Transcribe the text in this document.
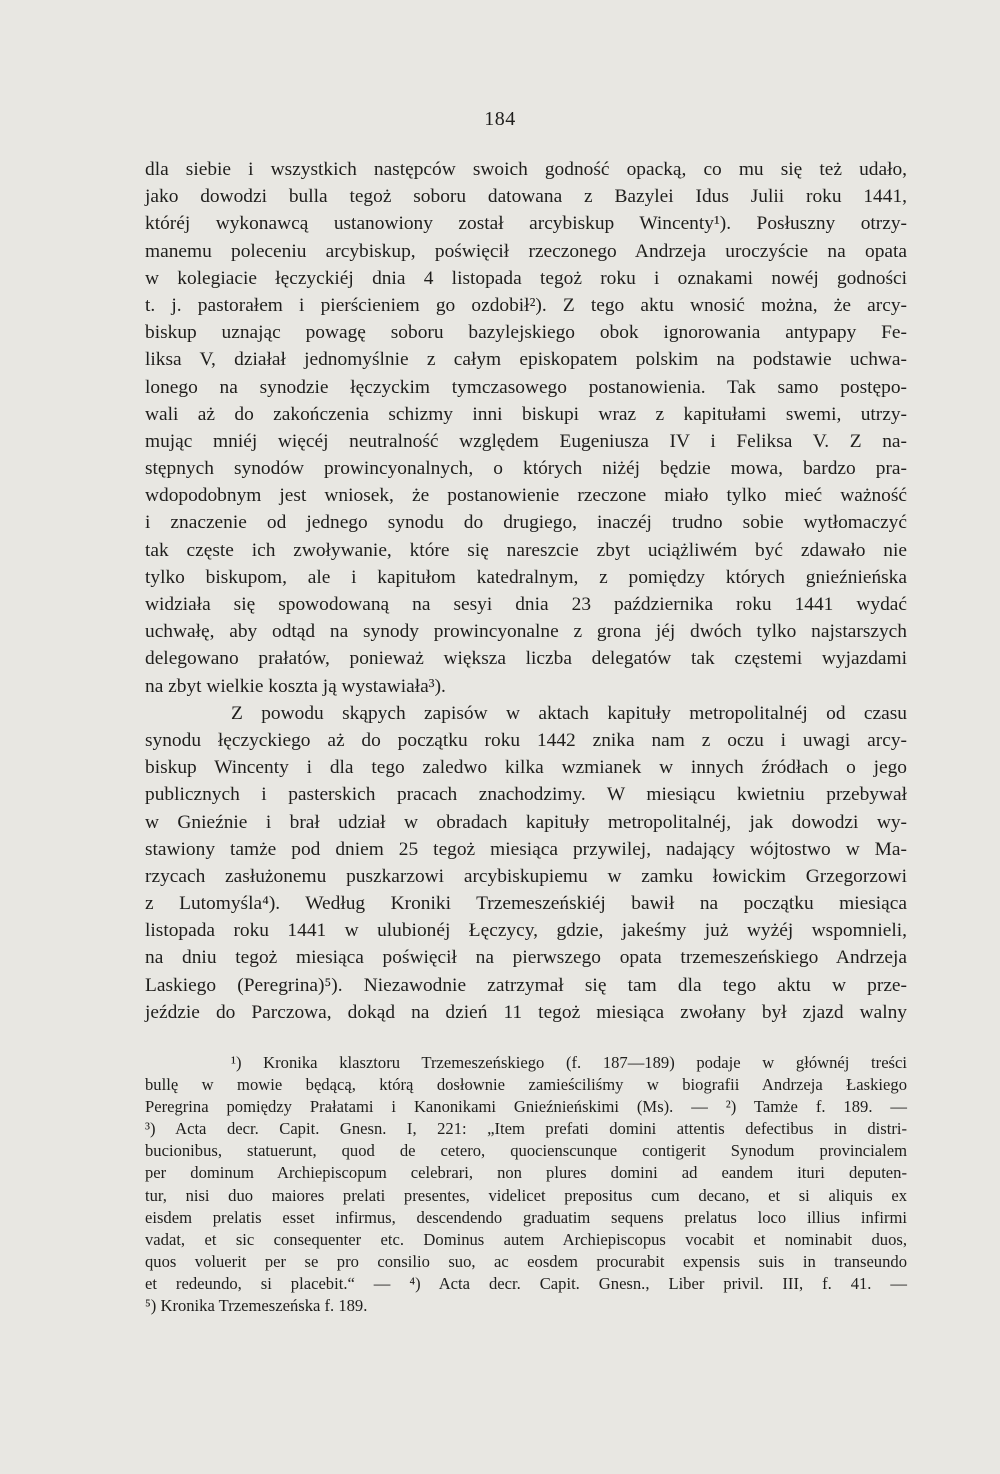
184
dla siebie i wszystkich następców swoich godność opacką, co mu się też udało,
jako dowodzi bulla tegoż soboru datowana z Bazylei Idus Julii roku 1441,
któréj wykonawcą ustanowiony został arcybiskup Wincenty¹). Posłuszny otrzy-
manemu poleceniu arcybiskup, poświęcił rzeczonego Andrzeja uroczyście na opata
w kolegiacie łęczyckiéj dnia 4 listopada tegoż roku i oznakami nowéj godności
t. j. pastorałem i pierścieniem go ozdobił²). Z tego aktu wnosić można, że arcy-
biskup uznając powagę soboru bazylejskiego obok ignorowania antypapy Fe-
liksa V, działał jednomyślnie z całym episkopatem polskim na podstawie uchwa-
lonego na synodzie łęczyckim tymczasowego postanowienia. Tak samo postępo-
wali aż do zakończenia schizmy inni biskupi wraz z kapitułami swemi, utrzy-
mując mniéj więcéj neutralność względem Eugeniusza IV i Feliksa V. Z na-
stępnych synodów prowincyonalnych, o których niżéj będzie mowa, bardzo pra-
wdopodobnym jest wniosek, że postanowienie rzeczone miało tylko mieć ważność
i znaczenie od jednego synodu do drugiego, inaczéj trudno sobie wytłomaczyć
tak częste ich zwoływanie, które się nareszcie zbyt uciążliwém być zdawało nie
tylko biskupom, ale i kapitułom katedralnym, z pomiędzy których gnieźnieńska
widziała się spowodowaną na sesyi dnia 23 października roku 1441 wydać
uchwałę, aby odtąd na synody prowincyonalne z grona jéj dwóch tylko najstarszych
delegowano prałatów, ponieważ większa liczba delegatów tak częstemi wyjazdami
na zbyt wielkie koszta ją wystawiała³).
Z powodu skąpych zapisów w aktach kapituły metropolitalnéj od czasu
synodu łęczyckiego aż do początku roku 1442 znika nam z oczu i uwagi arcy-
biskup Wincenty i dla tego zaledwo kilka wzmianek w innych źródłach o jego
publicznych i pasterskich pracach znachodzimy. W miesiącu kwietniu przebywał
w Gnieźnie i brał udział w obradach kapituły metropolitalnéj, jak dowodzi wy-
stawiony tamże pod dniem 25 tegoż miesiąca przywilej, nadający wójtostwo w Ma-
rzycach zasłużonemu puszkarzowi arcybiskupiemu w zamku łowickim Grzegorzowi
z Lutomyśla⁴). Według Kroniki Trzemeszeńskiéj bawił na początku miesiąca
listopada roku 1441 w ulubionéj Łęczycy, gdzie, jakeśmy już wyżéj wspomnieli,
na dniu tegoż miesiąca poświęcił na pierwszego opata trzemeszeńskiego Andrzeja
Laskiego (Peregrina)⁵). Niezawodnie zatrzymał się tam dla tego aktu w prze-
jeździe do Parczowa, dokąd na dzień 11 tegoż miesiąca zwołany był zjazd walny
¹) Kronika klasztoru Trzemeszeńskiego (f. 187—189) podaje w głównéj treści
bullę w mowie będącą, którą dosłownie zamieściliśmy w biografii Andrzeja Łaskiego
Peregrina pomiędzy Prałatami i Kanonikami Gnieźnieńskimi (Ms). — ²) Tamże f. 189. —
³) Acta decr. Capit. Gnesn. I, 221: „Item prefati domini attentis defectibus in distri-
bucionibus, statuerunt, quod de cetero, quocienscunque contigerit Synodum provincialem
per dominum Archiepiscopum celebrari, non plures domini ad eandem ituri deputen-
tur, nisi duo maiores prelati presentes, videlicet prepositus cum decano, et si aliquis ex
eisdem prelatis esset infirmus, descendendo graduatim sequens prelatus loco illius infirmi
vadat, et sic consequenter etc. Dominus autem Archiepiscopus vocabit et nominabit duos,
quos voluerit per se pro consilio suo, ac eosdem procurabit expensis suis in transeundo
et redeundo, si placebit.“ — ⁴) Acta decr. Capit. Gnesn., Liber privil. III, f. 41. —
⁵) Kronika Trzemeszeńska f. 189.
